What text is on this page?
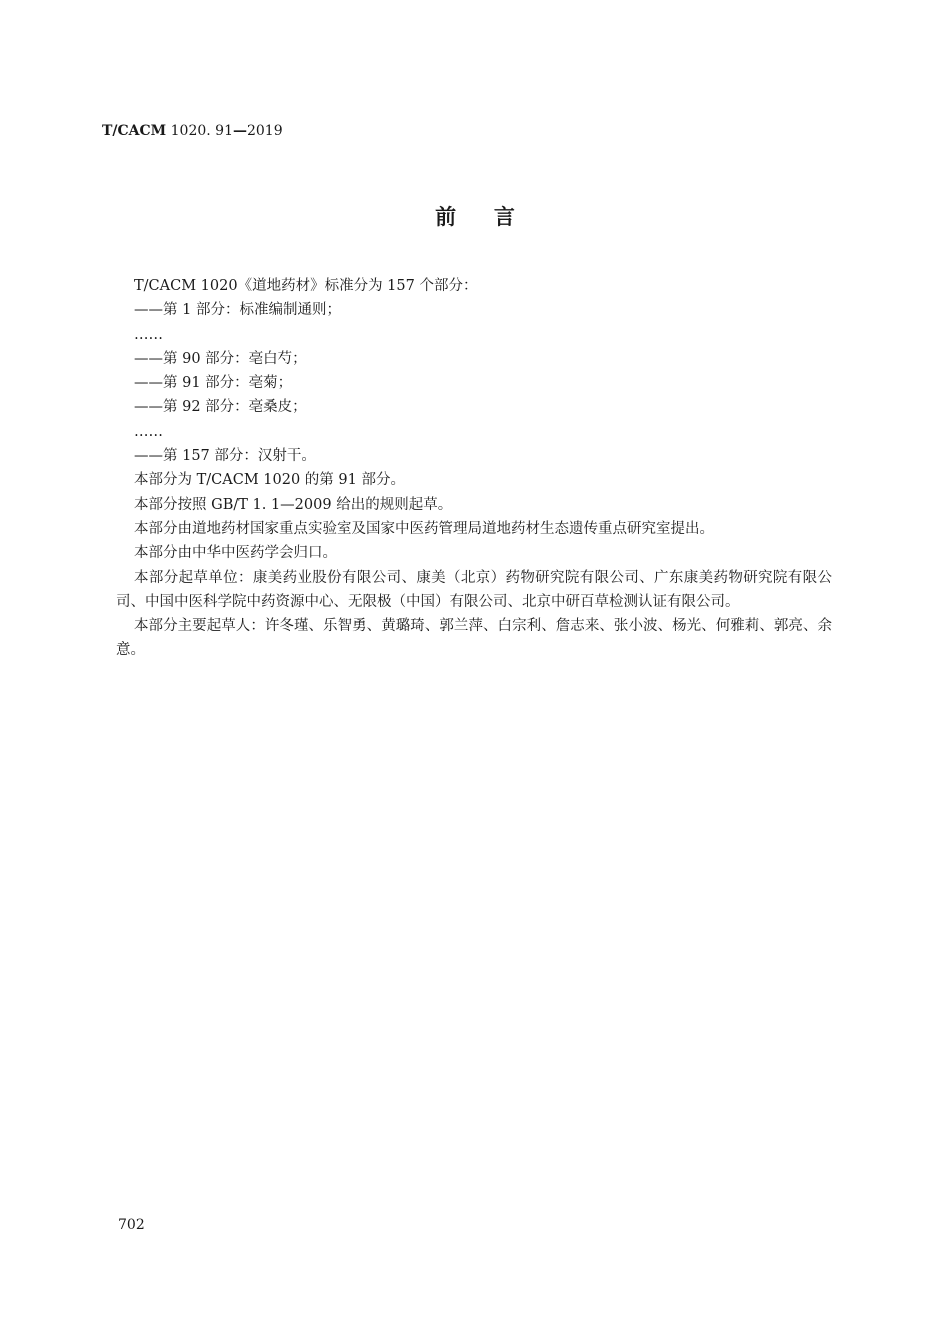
T/CACM 1020. 91—2019
前言
T/CACM 1020《道地药材》标准分为 157 个部分：
——第 1 部分：标准编制通则；
……
——第 90 部分：亳白芍；
——第 91 部分：亳菊；
——第 92 部分：亳桑皮；
……
——第 157 部分：汉射干。
本部分为 T/CACM 1020 的第 91 部分。
本部分按照 GB/T 1. 1—2009 给出的规则起草。
本部分由道地药材国家重点实验室及国家中医药管理局道地药材生态遗传重点研究室提出。
本部分由中华中医药学会归口。
本部分起草单位：康美药业股份有限公司、康美（北京）药物研究院有限公司、广东康美药物研究院有限公司、中国中医科学院中药资源中心、无限极（中国）有限公司、北京中研百草检测认证有限公司。
本部分主要起草人：许冬瑾、乐智勇、黄璐琦、郭兰萍、白宗利、詹志来、张小波、杨光、何雅莉、郭亮、余意。
702
